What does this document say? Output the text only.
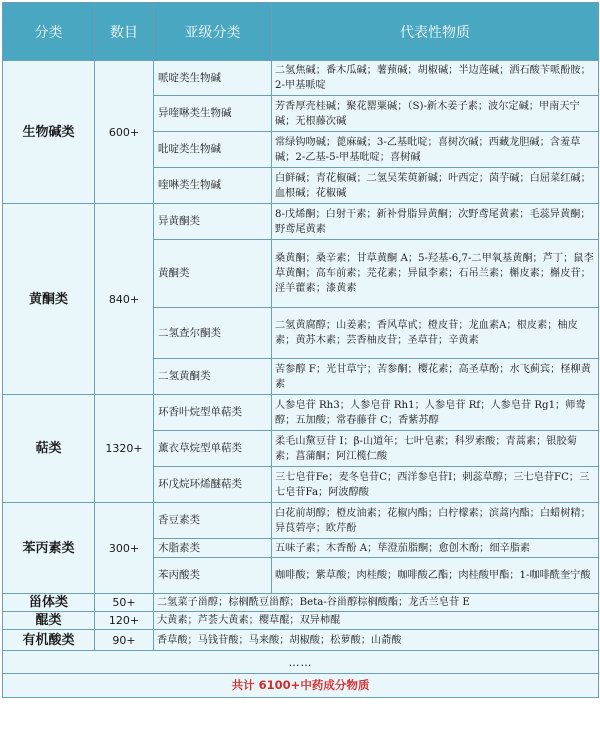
分类	数目	亚级分类	代表性物质
生物碱类	600+	哌啶类生物碱	二氢焦碱；番木瓜碱；薯蓣碱；胡椒碱；半边莲碱；洒石酸苄哌酚胺；2-甲基哌啶
		异喹啉类生物碱	芳香厚壳桂碱；聚花罂粟碱；（S)-新木姜子素；波尔定碱；甲南天宁碱；无根藤次碱
		吡啶类生物碱	常绿钩吻碱；蓖麻碱；3-乙基吡啶；喜树次碱；西藏龙胆碱；含羞草碱；2-乙基-5-甲基吡啶；喜树碱
		喹啉类生物碱	白鲜碱；青花椒碱；二氢吴茱萸新碱；叶西定；茵芋碱；白屈菜红碱；血根碱；花椒碱
黄酮类	840+	异黄酮类	8-戊烯酮；白射干素；新补骨脂异黄酮；次野鸢尾黄素；毛蕊异黄酮；野鸢尾黄素
		黄酮类	桑黄酮；桑辛素；甘草黄酮 A；5-羟基-6,7-二甲氧基黄酮；芦丁；鼠李草黄酮；高车前素；芫花素；异鼠李素；石吊兰素；槲皮素；槲皮苷；淫羊藿素；漆黄素
		二氢查尔酮类	二氢黄腐醇；山姜素；香风草甙；橙皮苷；龙血素A；根皮素；柚皮素；黄苏木素；芸香柚皮苷；圣草苷；辛黄素
		二氢黄酮类	苦参醇 F；光甘草宁；苦参酮；樱花素；高圣草酚；水飞蓟宾；柽柳黄素
萜类	1320+	环香叶烷型单萜类	人参皂苷 Rh3；人参皂苷 Rh1；人参皂苷 Rf；人参皂苷 Rg1；师鸯醇；五加酸；常春藤苷 C；香紫苏醇
		薰衣草烷型单萜类	柔毛山黧豆苷 I；β-山道年；七叶皂素；科罗索酸；青蒿素；银胶菊素；菖蒲酮；阿江榄仁酸
		环戊烷环烯醚萜类	三七皂苷Fe；麦冬皂苷C；西洋参皂苷I；刺蕊草醇；三七皂苷FC；三七皂苷Fa；阿波醇酸
苯丙素类	300+	香豆素类	白花前胡醇；橙皮油素；花椒内酯；白柠檬素；滨蒿内酯；白蜡树精；异茛菪亭；欧芹酚
		木脂素类	五味子素；木香酚 A；荜澄茄脂酮；愈创木酚；细辛脂素
		苯丙酸类	咖啡酸；紫草酸；肉桂酸；咖啡酸乙酯；肉桂酸甲酯；1-咖啡酰奎宁酸
甾体类	50+	二氢菜子甾醇；棕榈酰豆甾醇；Beta-谷甾醇棕榈酸酯；龙舌兰皂苷 E	
醌类	120+	大黄素；芦荟大黄素；樱草醌；双异柿醌	
有机酸类	90+	香草酸；马钱苷酸；马来酸；胡椒酸；松萝酸；山萮酸	
……			
共计 6100+中药成分物质			
